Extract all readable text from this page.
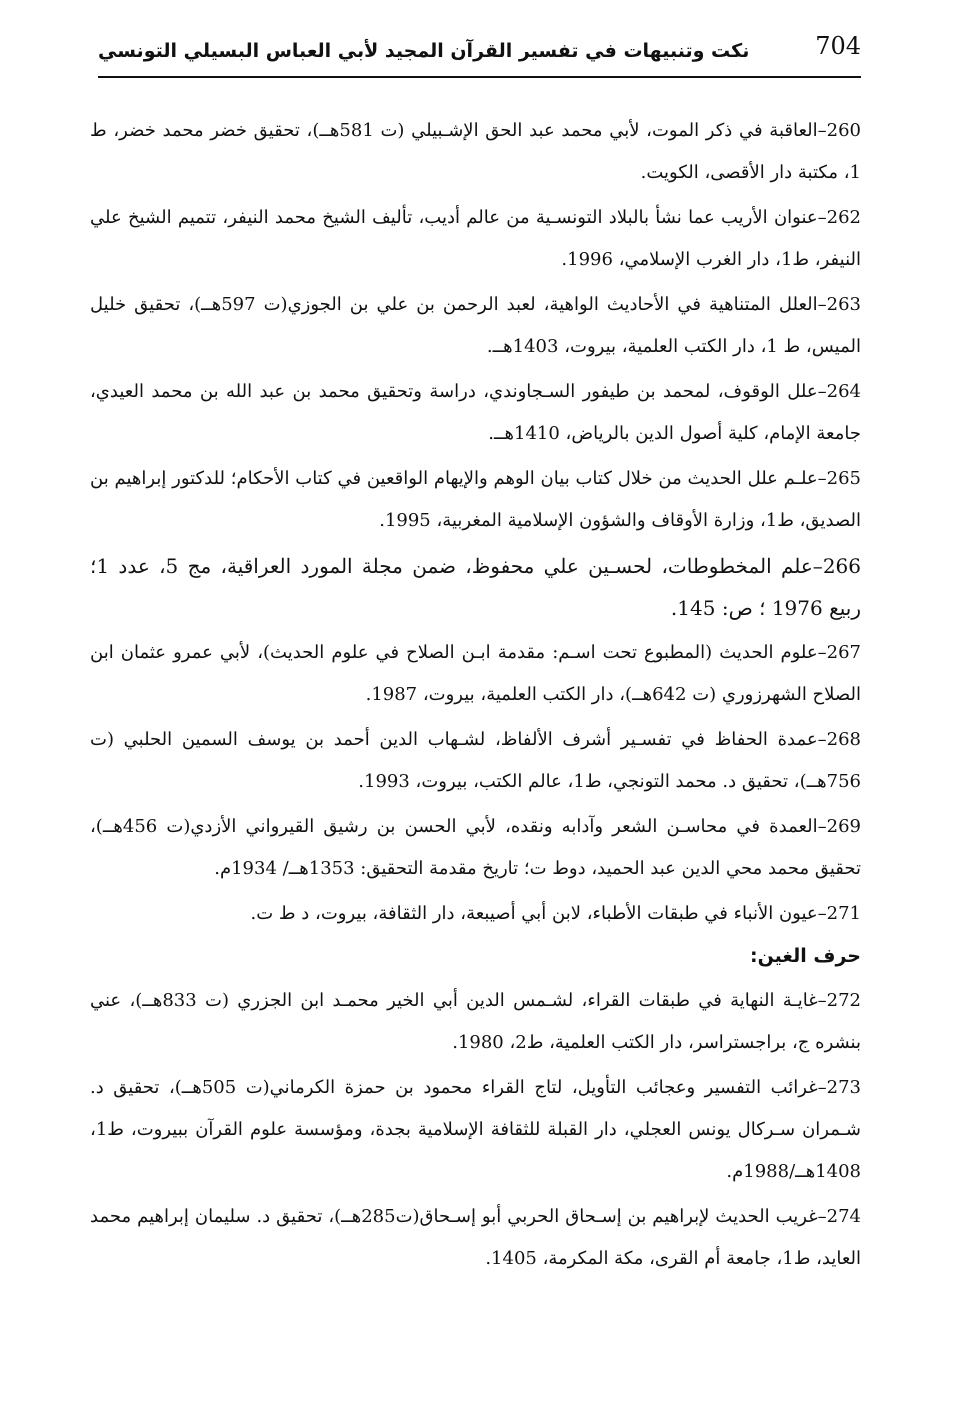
704
نكت وتنبيهات في تفسير القرآن المجيد لأبي العباس البسيلي التونسي

260–العاقبة في ذكر الموت، لأبي محمد عبد الحق الإشـبيلي (ت 581هــ)، تحقيق خضر محمد خضر، ط 1، مكتبة دار الأقصى، الكويت.

262–عنوان الأريب عما نشأ بالبلاد التونسـية من عالم أديب، تأليف الشيخ محمد النيفر، تتميم الشيخ علي النيفر، ط1، دار الغرب الإسلامي، 1996.

263–العلل المتناهية في الأحاديث الواهية، لعبد الرحمن بن علي بن الجوزي(ت 597هــ)، تحقيق خليل الميس، ط 1، دار الكتب العلمية، بيروت، 1403هــ.

264–علل الوقوف، لمحمد بن طيفور السـجاوندي، دراسة وتحقيق محمد بن عبد الله بن محمد العيدي، جامعة الإمام، كلية أصول الدين بالرياض، 1410هــ.

265–علـم علل الحديث من خلال كتاب بيان الوهم والإيهام الواقعين في كتاب الأحكام؛ للدكتور إبراهيم بن الصديق، ط1، وزارة الأوقاف والشؤون الإسلامية المغربية، 1995.

266–علم المخطوطات، لحسـين علي محفوظ، ضمن مجلة المورد العراقية، مج 5، عدد 1؛ ربيع 1976 ؛ ص: 145.

267–علوم الحديث (المطبوع تحت اسـم: مقدمة ابـن الصلاح في علوم الحديث)، لأبي عمرو عثمان ابن الصلاح الشهرزوري (ت 642هــ)، دار الكتب العلمية، بيروت، 1987.

268–عمدة الحفاظ في تفسـير أشرف الألفاظ، لشـهاب الدين أحمد بن يوسف السمين الحلبي (ت 756هــ)، تحقيق د. محمد التونجي، ط1، عالم الكتب، بيروت، 1993.

269–العمدة في محاسـن الشعر وآدابه ونقده، لأبي الحسن بن رشيق القيرواني الأزدي(ت 456هــ)، تحقيق محمد محي الدين عبد الحميد، دوط ت؛ تاريخ مقدمة التحقيق: 1353هــ/ 1934م.

271–عيون الأنباء في طبقات الأطباء، لابن أبي أصيبعة، دار الثقافة، بيروت، د ط ت.

حرف الغين:

272–غايـة النهاية في طبقات القراء، لشـمس الدين أبي الخير محمـد ابن الجزري (ت 833هــ)، عني بنشره ج، براجستراسر، دار الكتب العلمية، ط2، 1980.

273–غرائب التفسير وعجائب التأويل، لتاج القراء محمود بن حمزة الكرماني(ت 505هــ)، تحقيق د. شـمران سـركال يونس العجلي، دار القبلة للثقافة الإسلامية بجدة، ومؤسسة علوم القرآن ببيروت، ط1، 1408هــ/1988م.

274–غريب الحديث لإبراهيم بن إسـحاق الحربي أبو إسـحاق(ت285هــ)، تحقيق د. سليمان إبراهيم محمد العايد، ط1، جامعة أم القرى، مكة المكرمة، 1405.
